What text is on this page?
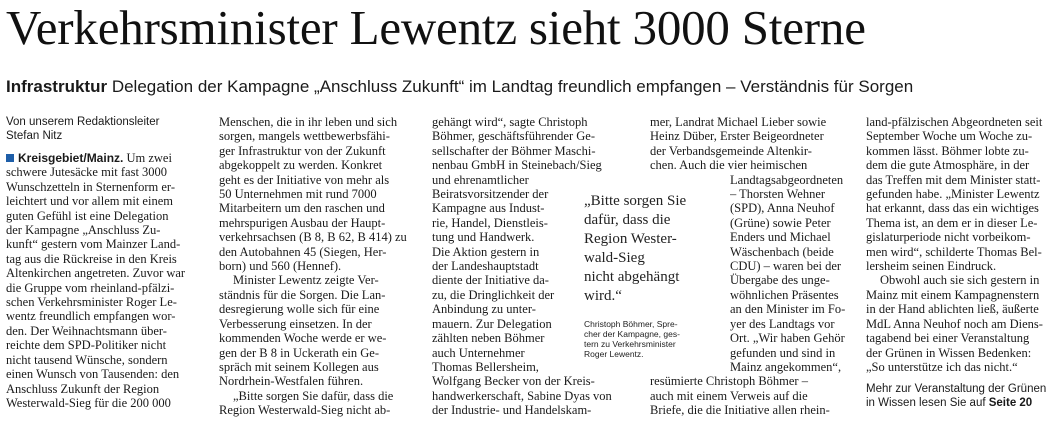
Verkehrsminister Lewentz sieht 3000 Sterne
Infrastruktur Delegation der Kampagne „Anschluss Zukunft“ im Landtag freundlich empfangen – Verständnis für Sorgen
Von unserem Redaktionsleiter
Stefan Nitz
Kreisgebiet/Mainz. Um zwei
schwere Jutesäcke mit fast 3000
Wunschzetteln in Sternenform er-
leichtert und vor allem mit einem
guten Gefühl ist eine Delegation
der Kampagne „Anschluss Zu-
kunft“ gestern vom Mainzer Land-
tag aus die Rückreise in den Kreis
Altenkirchen angetreten. Zuvor war
die Gruppe vom rheinland-pfälzi-
schen Verkehrsminister Roger Le-
wentz freundlich empfangen wor-
den. Der Weihnachtsmann über-
reichte dem SPD-Politiker nicht
nicht tausend Wünsche, sondern
einen Wunsch von Tausenden: den
Anschluss Zukunft der Region
Westerwald-Sieg für die 200 000
Menschen, die in ihr leben und sich
sorgen, mangels wettbewerbsfähi-
ger Infrastruktur von der Zukunft
abgekoppelt zu werden. Konkret
geht es der Initiative von mehr als
50 Unternehmen mit rund 7000
Mitarbeitern um den raschen und
mehrspurigen Ausbau der Haupt-
verkehrsachsen (B 8, B 62, B 414) zu
den Autobahnen 45 (Siegen, Her-
born) und 560 (Hennef).
Minister Lewentz zeigte Ver-
ständnis für die Sorgen. Die Lan-
desregierung wolle sich für eine
Verbesserung einsetzen. In der
kommenden Woche werde er we-
gen der B 8 in Uckerath ein Ge-
spräch mit seinem Kollegen aus
Nordrhein-Westfalen führen.
„Bitte sorgen Sie dafür, dass die
Region Westerwald-Sieg nicht ab-
gehängt wird“, sagte Christoph
Böhmer, geschäftsführender Ge-
sellschafter der Böhmer Maschi-
nenbau GmbH in Steinebach/Sieg
und ehrenamtlicher
Beiratsvorsitzender der
Kampagne aus Indust-
rie, Handel, Dienstleis-
tung und Handwerk.
Die Aktion gestern in
der Landeshauptstadt
diente der Initiative da-
zu, die Dringlichkeit der
Anbindung zu unter-
mauern. Zur Delegation
zählten neben Böhmer
auch Unternehmer
Thomas Bellersheim,
Wolfgang Becker von der Kreis-
handwerkerschaft, Sabine Dyas von
der Industrie- und Handelskam-
mer, Landrat Michael Lieber sowie
Heinz Düber, Erster Beigeordneter
der Verbandsgemeinde Altenkir-
chen. Auch die vier heimischen
Landtagsabgeordneten
– Thorsten Wehner
(SPD), Anna Neuhof
(Grüne) sowie Peter
Enders und Michael
Wäschenbach (beide
CDU) – waren bei der
Übergabe des unge-
wöhnlichen Präsentes
an den Minister im Fo-
yer des Landtags vor
Ort. „Wir haben Gehör
gefunden und sind in
Mainz angekommen“,
resümierte Christoph Böhmer –
auch mit einem Verweis auf die
Briefe, die die Initiative allen rhein-
land-pfälzischen Abgeordneten seit
September Woche um Woche zu-
kommen lässt. Böhmer lobte zu-
dem die gute Atmosphäre, in der
das Treffen mit dem Minister statt-
gefunden habe. „Minister Lewentz
hat erkannt, dass das ein wichtiges
Thema ist, an dem er in dieser Le-
gislaturperiode nicht vorbeikom-
men wird“, schilderte Thomas Bel-
lersheim seinen Eindruck.
Obwohl auch sie sich gestern in
Mainz mit einem Kampagnenstern
in der Hand ablichten ließ, äußerte
MdL Anna Neuhof noch am Diens-
tagabend bei einer Veranstaltung
der Grünen in Wissen Bedenken:
„So unterstütze ich das nicht.“
Mehr zur Veranstaltung der Grünen
in Wissen lesen Sie auf Seite 20
„Bitte sorgen Sie
dafür, dass die
Region Wester-
wald-Sieg
nicht abgehängt
wird.“
Christoph Böhmer, Spre-
cher der Kampagne, ges-
tern zu Verkehrsminister
Roger Lewentz.
